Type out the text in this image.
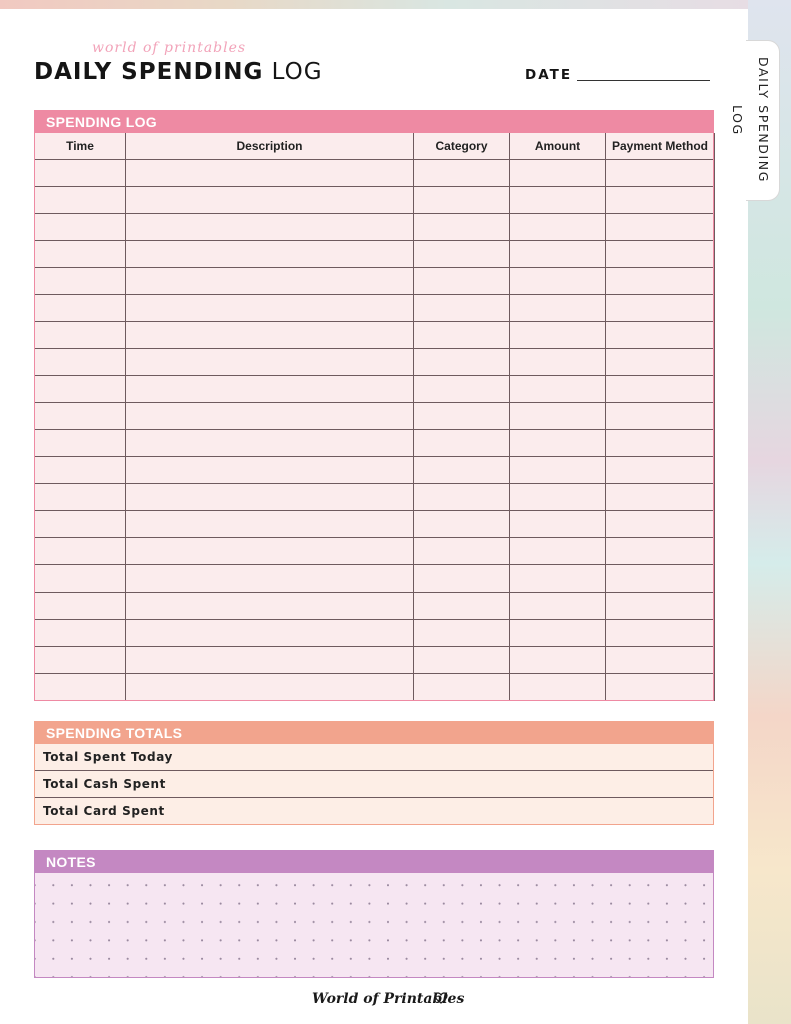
DAILY SPENDING LOG
world of printables
DAILY SPENDING LOG	DATE
SPENDING LOG
Time	Description	Category	Amount	Payment Method

SPENDING TOTALS
Total Spent Today
Total Cash Spent
Total Card Spent
NOTES
World of Printables
